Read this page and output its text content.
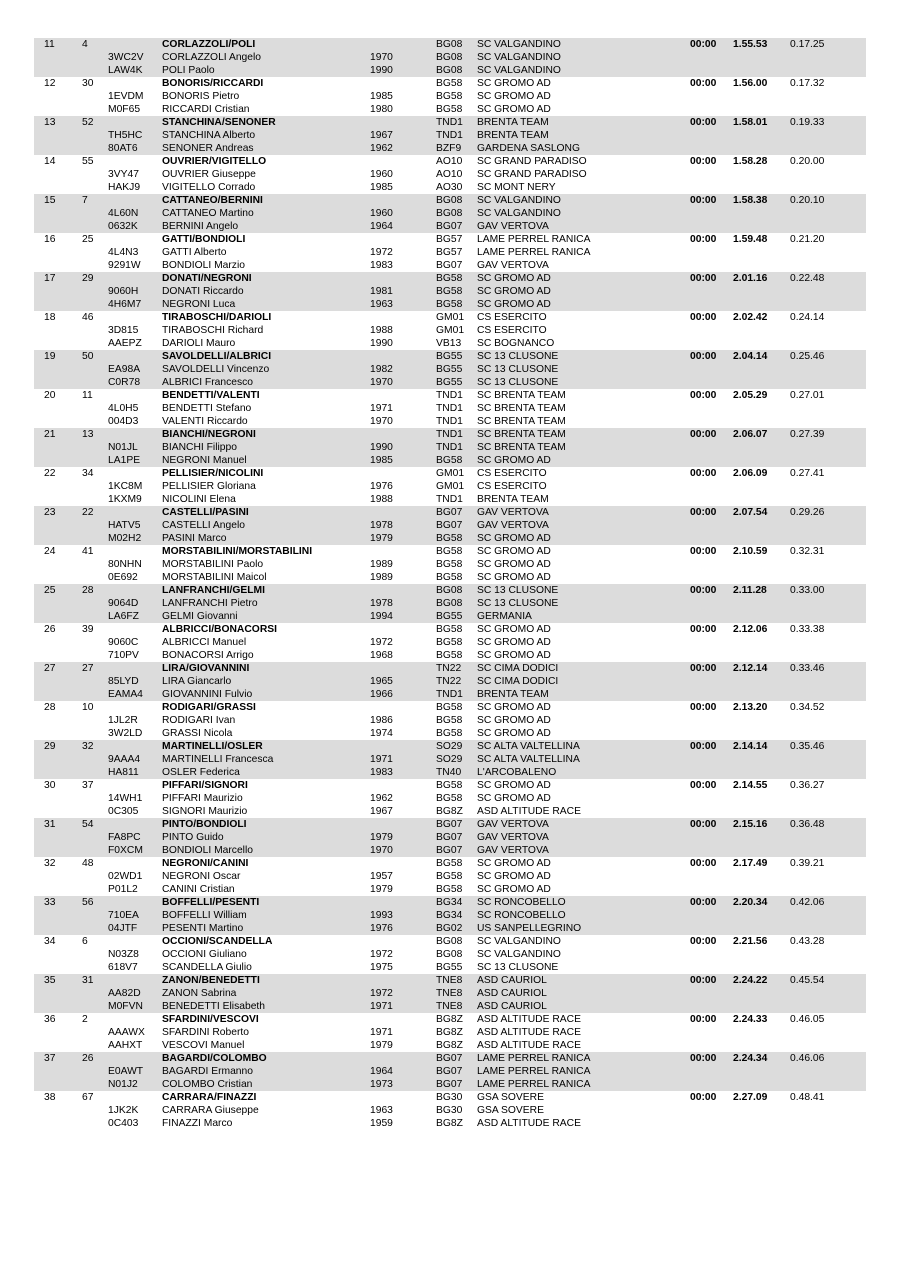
11	4	CORLAZZOLI/POLI	BG08 SC VALGANDINO	00:00 1.55.53 0.17.25
3WC2V CORLAZZOLI Angelo	1970	BG08 SC VALGANDINO
LAW4K POLI Paolo	1990	BG08 SC VALGANDINO
12	30	BONORIS/RICCARDI	BG58 SC GROMO AD	00:00 1.56.00 0.17.32
1EVDM BONORIS Pietro	1985	BG58 SC GROMO AD
M0F65 RICCARDI Cristian	1980	BG58 SC GROMO AD
13	52	STANCHINA/SENONER	TND1 BRENTA TEAM	00:00 1.58.01 0.19.33
TH5HC STANCHINA Alberto	1967	TND1 BRENTA TEAM
80AT6 SENONER Andreas	1962	BZF9 GARDENA SASLONG
14	55	OUVRIER/VIGITELLO	AO10 SC GRAND PARADISO	00:00 1.58.28 0.20.00
3VY47 OUVRIER Giuseppe	1960	AO10 SC GRAND PARADISO
HAKJ9 VIGITELLO Corrado	1985	AO30 SC MONT NERY
15	7	CATTANEO/BERNINI	BG08 SC VALGANDINO	00:00 1.58.38 0.20.10
4L60N CATTANEO Martino	1960	BG08 SC VALGANDINO
0632K BERNINI Angelo	1964	BG07 GAV VERTOVA
16	25	GATTI/BONDIOLI	BG57 LAME PERREL RANICA	00:00 1.59.48 0.21.20
4L4N3 GATTI Alberto	1972	BG57 LAME PERREL RANICA
9291W BONDIOLI Marzio	1983	BG07 GAV VERTOVA
17	29	DONATI/NEGRONI	BG58 SC GROMO AD	00:00 2.01.16 0.22.48
9060H DONATI Riccardo	1981	BG58 SC GROMO AD
4H6M7 NEGRONI Luca	1963	BG58 SC GROMO AD
18	46	TIRABOSCHI/DARIOLI	GM01 CS ESERCITO	00:00 2.02.42 0.24.14
3D815 TIRABOSCHI Richard	1988	GM01 CS ESERCITO
AAEPZ DARIOLI Mauro	1990	VB13 SC BOGNANCO
19	50	SAVOLDELLI/ALBRICI	BG55 SC 13 CLUSONE	00:00 2.04.14 0.25.46
EA98A SAVOLDELLI Vincenzo	1982	BG55 SC 13 CLUSONE
C0R78 ALBRICI Francesco	1970	BG55 SC 13 CLUSONE
20	11	BENDETTI/VALENTI	TND1 SC BRENTA TEAM	00:00 2.05.29 0.27.01
4L0H5 BENDETTI Stefano	1971	TND1 SC BRENTA TEAM
004D3 VALENTI Riccardo	1970	TND1 SC BRENTA TEAM
21	13	BIANCHI/NEGRONI	TND1 SC BRENTA TEAM	00:00 2.06.07 0.27.39
N01JL BIANCHI Filippo	1990	TND1 SC BRENTA TEAM
LA1PE NEGRONI Manuel	1985	BG58 SC GROMO AD
22	34	PELLISIER/NICOLINI	GM01 CS ESERCITO	00:00 2.06.09 0.27.41
1KC8M PELLISIER Gloriana	1976	GM01 CS ESERCITO
1KXM9 NICOLINI Elena	1988	TND1 BRENTA TEAM
23	22	CASTELLI/PASINI	BG07 GAV VERTOVA	00:00 2.07.54 0.29.26
HATV5 CASTELLI Angelo	1978	BG07 GAV VERTOVA
M02H2 PASINI Marco	1979	BG58 SC GROMO AD
24	41	MORSTABILINI/MORSTABILINI	BG58 SC GROMO AD	00:00 2.10.59 0.32.31
80NHN MORSTABILINI Paolo	1989	BG58 SC GROMO AD
0E692 MORSTABILINI Maicol	1989	BG58 SC GROMO AD
25	28	LANFRANCHI/GELMI	BG08 SC 13 CLUSONE	00:00 2.11.28 0.33.00
9064D LANFRANCHI Pietro	1978	BG08 SC 13 CLUSONE
LA6FZ GELMI Giovanni	1994	BG55 GERMANIA
26	39	ALBRICCI/BONACORSI	BG58 SC GROMO AD	00:00 2.12.06 0.33.38
9060C ALBRICCI Manuel	1972	BG58 SC GROMO AD
710PV BONACORSI Arrigo	1968	BG58 SC GROMO AD
27	27	LIRA/GIOVANNINI	TN22 SC CIMA DODICI	00:00 2.12.14 0.33.46
85LYD LIRA Giancarlo	1965	TN22 SC CIMA DODICI
EAMA4 GIOVANNINI Fulvio	1966	TND1 BRENTA TEAM
28	10	RODIGARI/GRASSI	BG58 SC GROMO AD	00:00 2.13.20 0.34.52
1JL2R RODIGARI Ivan	1986	BG58 SC GROMO AD
3W2LD GRASSI Nicola	1974	BG58 SC GROMO AD
29	32	MARTINELLI/OSLER	SO29 SC ALTA VALTELLINA	00:00 2.14.14 0.35.46
9AAA4 MARTINELLI Francesca	1971	SO29 SC ALTA VALTELLINA
HA811 OSLER Federica	1983	TN40 L'ARCOBALENO
30	37	PIFFARI/SIGNORI	BG58 SC GROMO AD	00:00 2.14.55 0.36.27
14WH1 PIFFARI Maurizio	1962	BG58 SC GROMO AD
0C305 SIGNORI Maurizio	1967	BG8Z ASD ALTITUDE RACE
31	54	PINTO/BONDIOLI	BG07 GAV VERTOVA	00:00 2.15.16 0.36.48
FA8PC PINTO Guido	1979	BG07 GAV VERTOVA
F0XCM BONDIOLI Marcello	1970	BG07 GAV VERTOVA
32	48	NEGRONI/CANINI	BG58 SC GROMO AD	00:00 2.17.49 0.39.21
02WD1 NEGRONI Oscar	1957	BG58 SC GROMO AD
P01L2 CANINI Cristian	1979	BG58 SC GROMO AD
33	56	BOFFELLI/PESENTI	BG34 SC RONCOBELLO	00:00 2.20.34 0.42.06
710EA BOFFELLI William	1993	BG34 SC RONCOBELLO
04JTF PESENTI Martino	1976	BG02 US SANPELLEGRINO
34	6	OCCIONI/SCANDELLA	BG08 SC VALGANDINO	00:00 2.21.56 0.43.28
N03Z8 OCCIONI Giuliano	1972	BG08 SC VALGANDINO
618V7 SCANDELLA Giulio	1975	BG55 SC 13 CLUSONE
35	31	ZANON/BENEDETTI	TNE8 ASD CAURIOL	00:00 2.24.22 0.45.54
AA82D ZANON Sabrina	1972	TNE8 ASD CAURIOL
M0FVN BENEDETTI Elisabeth	1971	TNE8 ASD CAURIOL
36	2	SFARDINI/VESCOVI	BG8Z ASD ALTITUDE RACE	00:00 2.24.33 0.46.05
AAAWX SFARDINI Roberto	1971	BG8Z ASD ALTITUDE RACE
AAHXT VESCOVI Manuel	1979	BG8Z ASD ALTITUDE RACE
37	26	BAGARDI/COLOMBO	BG07 LAME PERREL RANICA	00:00 2.24.34 0.46.06
E0AWT BAGARDI Ermanno	1964	BG07 LAME PERREL RANICA
N01J2 COLOMBO Cristian	1973	BG07 LAME PERREL RANICA
38	67	CARRARA/FINAZZI	BG30 GSA SOVERE	00:00 2.27.09 0.48.41
1JK2K CARRARA Giuseppe	1963	BG30 GSA SOVERE
0C403 FINAZZI Marco	1959	BG8Z ASD ALTITUDE RACE
